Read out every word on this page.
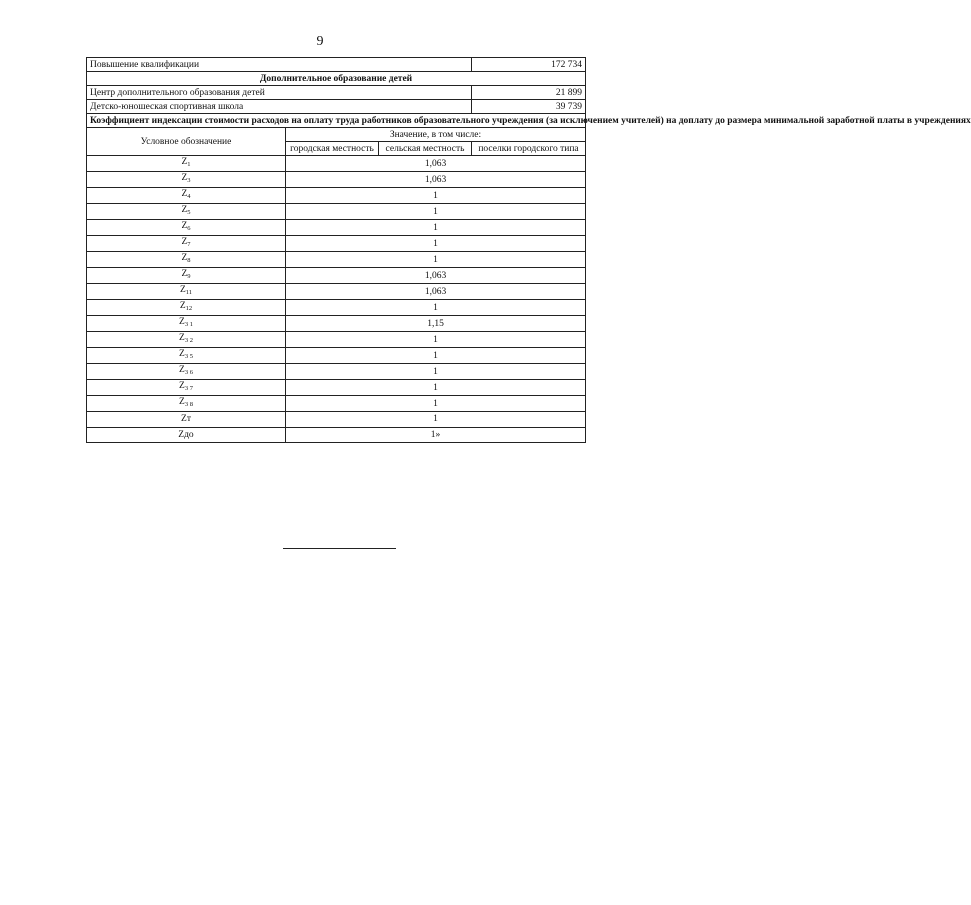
9
Повышение квалификации			172 734
Дополнительное образование детей			
Центр дополнительного образования детей			21 899
Детско-юношеская спортивная школа			39 739
Коэффициент индексации стоимости расходов на оплату труда работников образовательного учреждения (за исключением учителей) на доплату до размера минимальной заработной платы в учреждениях			
Условное обозначение	Значение, в том числе:		
	городская местность	сельская местность	поселки городского типа
$Z_1$	1,063		
$Z_3$	1,063		
$Z_4$	1		
$Z_5$	1		
$Z_6$	1		
$Z_7$	1		
$Z_8$	1		
$Z_9$	1,063		
$Z_{11}$	1,063		
$Z_{12}$	1		
$Z_{3 1}$	1,15		
$Z_{3 2}$	1		
$Z_{3 5}$	1		
$Z_{3 6}$	1		
$Z_{3 7}$	1		
$Z_{3 8}$	1		
Zт	1		
Zдо	1»		
